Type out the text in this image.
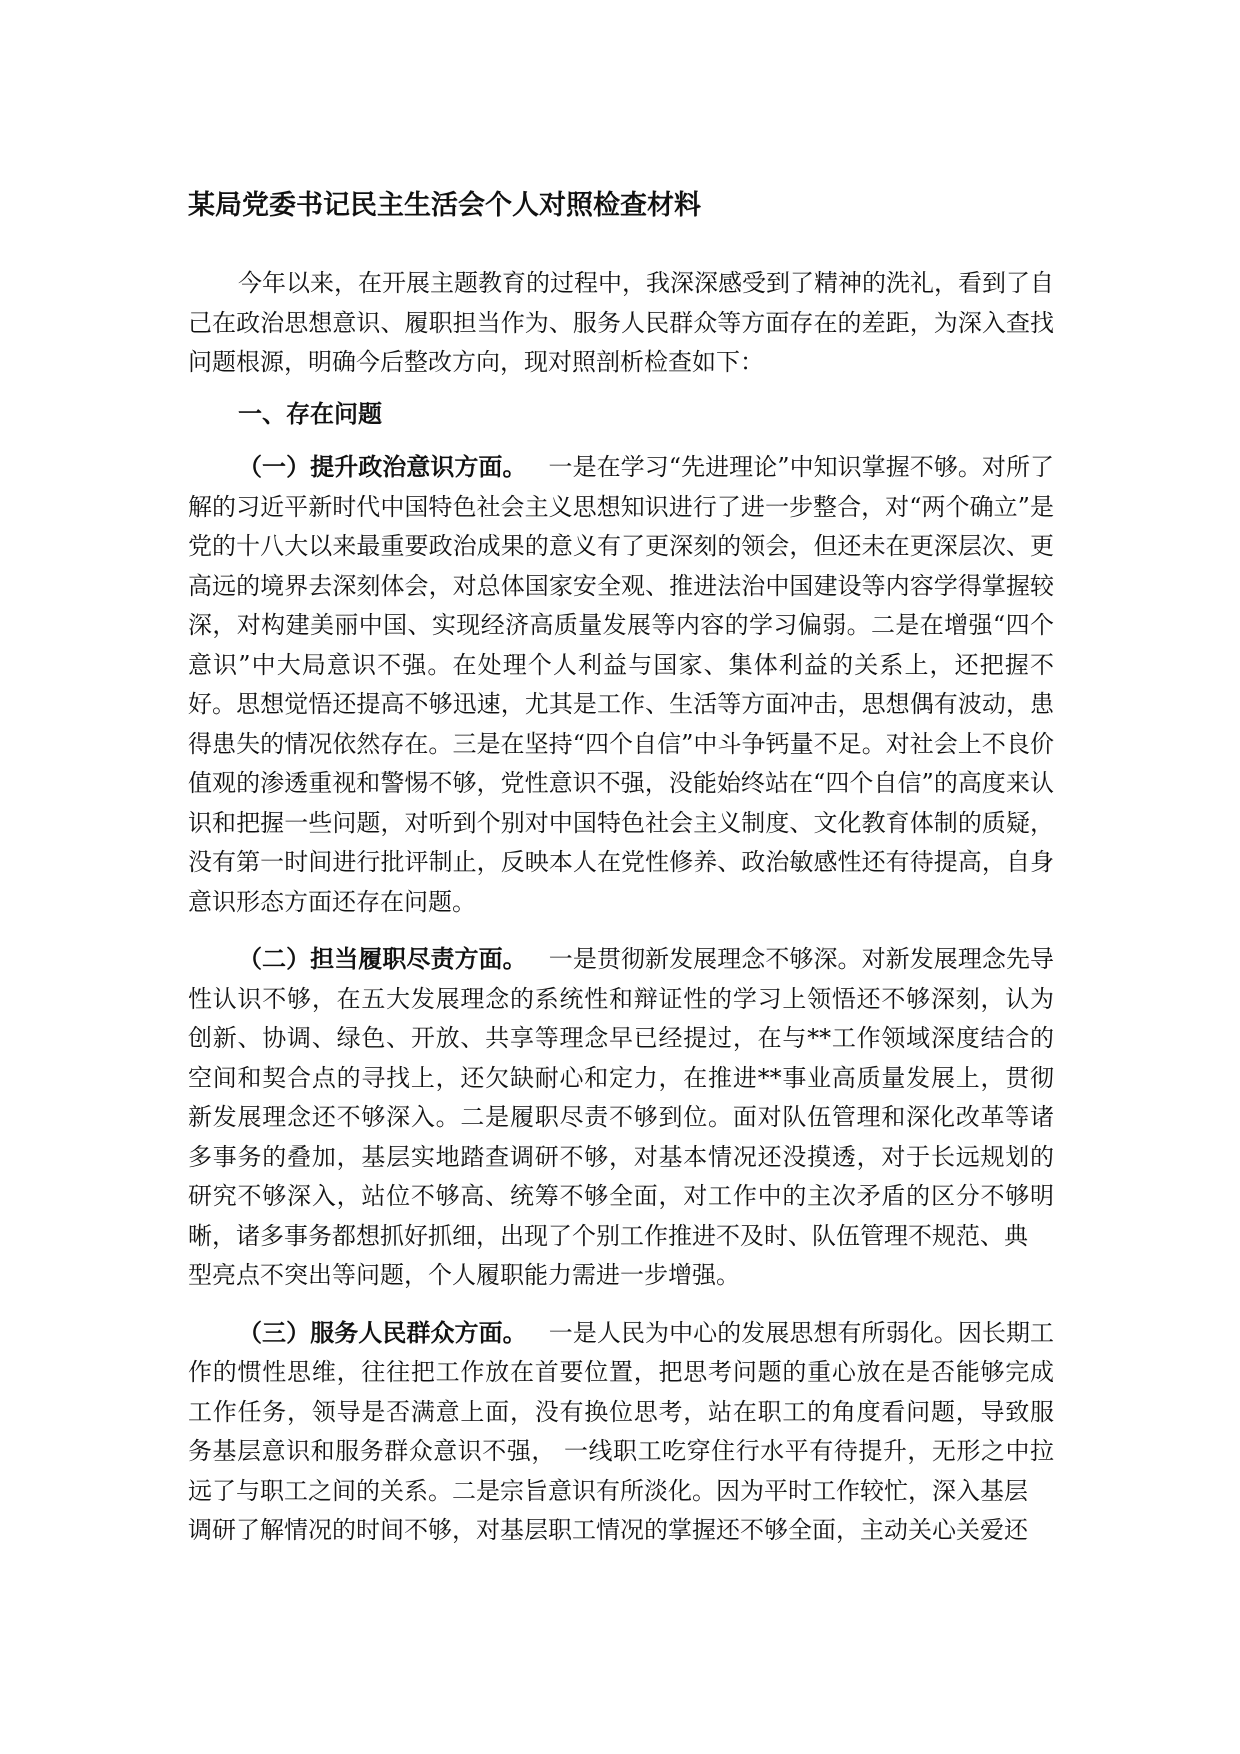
某局党委书记民主生活会个人对照检查材料

今年以来，在开展主题教育的过程中，我深深感受到了精神的洗礼，看到了自己在政治思想意识、履职担当作为、服务人民群众等方面存在的差距，为深入查找问题根源，明确今后整改方向，现对照剖析检查如下：

一、存在问题

（一）提升政治意识方面。 一是在学习“先进理论”中知识掌握不够。对所了解的习近平新时代中国特色社会主义思想知识进行了进一步整合，对“两个确立”是党的十八大以来最重要政治成果的意义有了更深刻的领会，但还未在更深层次、更高远的境界去深刻体会，对总体国家安全观、推进法治中国建设等内容学得掌握较深，对构建美丽中国、实现经济高质量发展等内容的学习偏弱。二是在增强“四个意识”中大局意识不强。在处理个人利益与国家、集体利益的关系上，还把握不好。思想觉悟还提高不够迅速，尤其是工作、生活等方面冲击，思想偶有波动，患得患失的情况依然存在。三是在坚持“四个自信”中斗争钙量不足。对社会上不良价值观的渗透重视和警惕不够，党性意识不强，没能始终站在“四个自信”的高度来认识和把握一些问题，对听到个别对中国特色社会主义制度、文化教育体制的质疑，没有第一时间进行批评制止，反映本人在党性修养、政治敏感性还有待提高，自身意识形态方面还存在问题。

（二）担当履职尽责方面。 一是贯彻新发展理念不够深。对新发展理念先导 性认识不够，在五大发展理念的系统性和辩证性的学习上领悟还不够深刻，认为 创新、协调、绿色、开放、共享等理念早已经提过，在与**工作领域深度结合的 空间和契合点的寻找上，还欠缺耐心和定力，在推进**事业高质量发展上，贯彻 新发展理念还不够深入。二是履职尽责不够到位。面对队伍管理和深化改革等诸 多事务的叠加，基层实地踏查调研不够，对基本情况还没摸透，对于长远规划的 研究不够深入，站位不够高、统筹不够全面，对工作中的主次矛盾的区分不够明 晰，诸多事务都想抓好抓细，出现了个别工作推进不及时、队伍管理不规范、典

型亮点不突出等问题，个人履职能力需进一步增强。

（三）服务人民群众方面。 一是人民为中心的发展思想有所弱化。因长期工 作的惯性思维，往往把工作放在首要位置，把思考问题的重心放在是否能够完成 工作任务，领导是否满意上面，没有换位思考，站在职工的角度看问题，导致服 务基层意识和服务群众意识不强， 一线职工吃穿住行水平有待提升，无形之中拉 远了与职工之间的关系。二是宗旨意识有所淡化。因为平时工作较忙，深入基层

调研了解情况的时间不够，对基层职工情况的掌握还不够全面，主动关心关爱还
